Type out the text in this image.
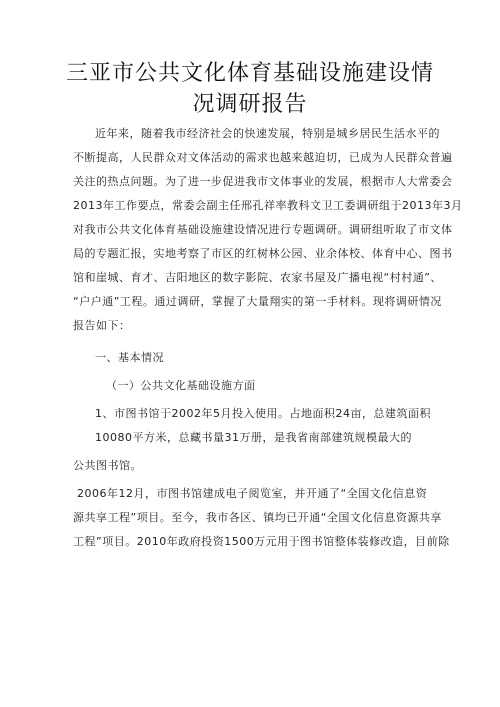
三亚市公共文化体育基础设施建设情
况调研报告
近年来，随着我市经济社会的快速发展，特别是城乡居民生活水平的
不断提高，人民群众对文体活动的需求也越来越迫切，已成为人民群众普遍
关注的热点问题。为了进一步促进我市文体事业的发展，根据市人大常委会
2013年工作要点，常委会副主任邢孔祥率教科文卫工委调研组于2013年3月
对我市公共文化体育基础设施建设情况进行专题调研。调研组听取了市文体
局的专题汇报，实地考察了市区的红树林公园、业余体校、体育中心、图书
馆和崖城、育才、吉阳地区的数字影院、农家书屋及广播电视“村村通”、
“户户通”工程。通过调研，掌握了大量翔实的第一手材料。现将调研情况
报告如下：
一、基本情况
（一）公共文化基础设施方面
1、市图书馆于2002年5月投入使用。占地面积24亩，总建筑面积
10080平方米，总藏书量31万册，是我省南部建筑规模最大的
公共图书馆。
2006年12月，市图书馆建成电子阅览室，并开通了“全国文化信息资
源共享工程”项目。至今，我市各区、镇均已开通“全国文化信息资源共享
工程”项目。2010年政府投资1500万元用于图书馆整体装修改造，目前除
